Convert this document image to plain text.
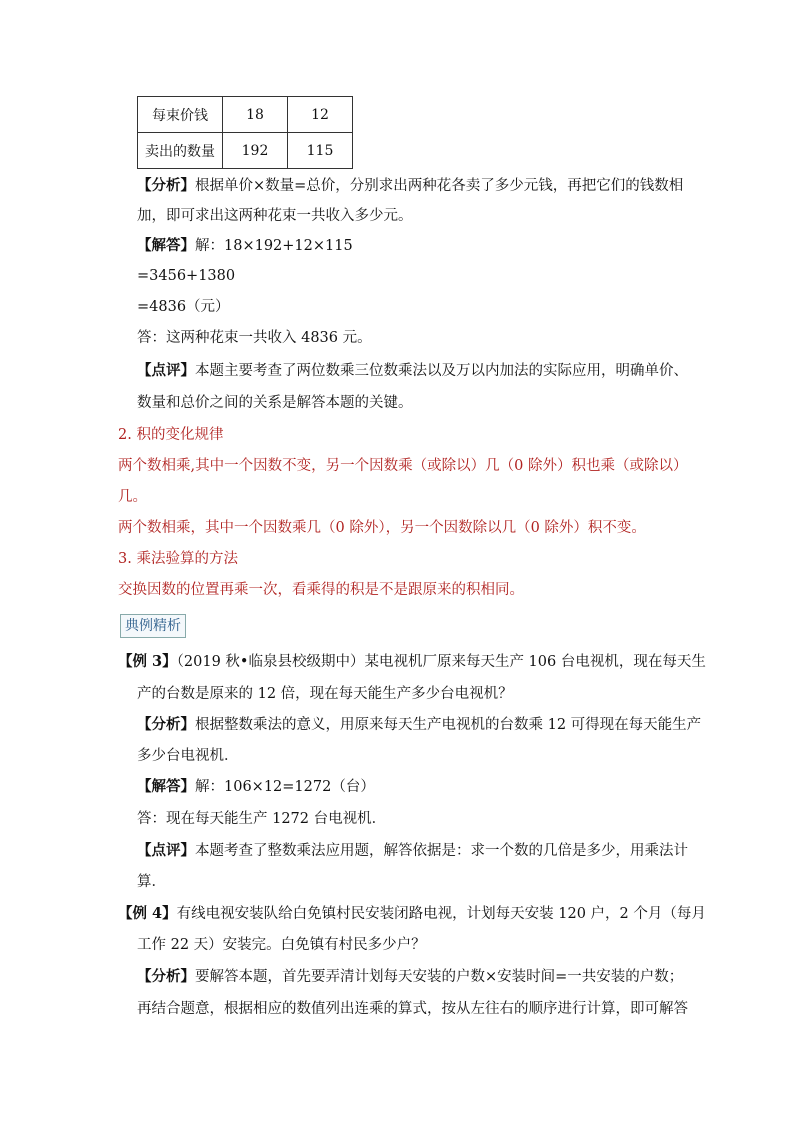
每束价钱	18	12
卖出的数量	192	115
【分析】根据单价×数量=总价，分别求出两种花各卖了多少元钱，再把它们的钱数相
加，即可求出这两种花束一共收入多少元。
【解答】解：18×192+12×115
=3456+1380
=4836（元）
答：这两种花束一共收入 4836 元。
【点评】本题主要考查了两位数乘三位数乘法以及万以内加法的实际应用，明确单价、
数量和总价之间的关系是解答本题的关键。
2. 积的变化规律
两个数相乘,其中一个因数不变，另一个因数乘（或除以）几（0 除外）积也乘（或除以）
几。
两个数相乘，其中一个因数乘几（0 除外），另一个因数除以几（0 除外）积不变。
3. 乘法验算的方法
交换因数的位置再乘一次，看乘得的积是不是跟原来的积相同。
典例精析
【例 3】（2019 秋•临泉县校级期中）某电视机厂原来每天生产 106 台电视机，现在每天生
产的台数是原来的 12 倍，现在每天能生产多少台电视机？
【分析】根据整数乘法的意义，用原来每天生产电视机的台数乘 12 可得现在每天能生产
多少台电视机．
【解答】解：106×12=1272（台）
答：现在每天能生产 1272 台电视机．
【点评】本题考查了整数乘法应用题，解答依据是：求一个数的几倍是多少，用乘法计
算．
【例 4】有线电视安装队给白免镇村民安装闭路电视，计划每天安装 120 户，2 个月（每月
工作 22 天）安装完。白免镇有村民多少户？
【分析】要解答本题，首先要弄清计划每天安装的户数×安装时间=一共安装的户数；
再结合题意，根据相应的数值列出连乘的算式，按从左往右的顺序进行计算，即可解答
